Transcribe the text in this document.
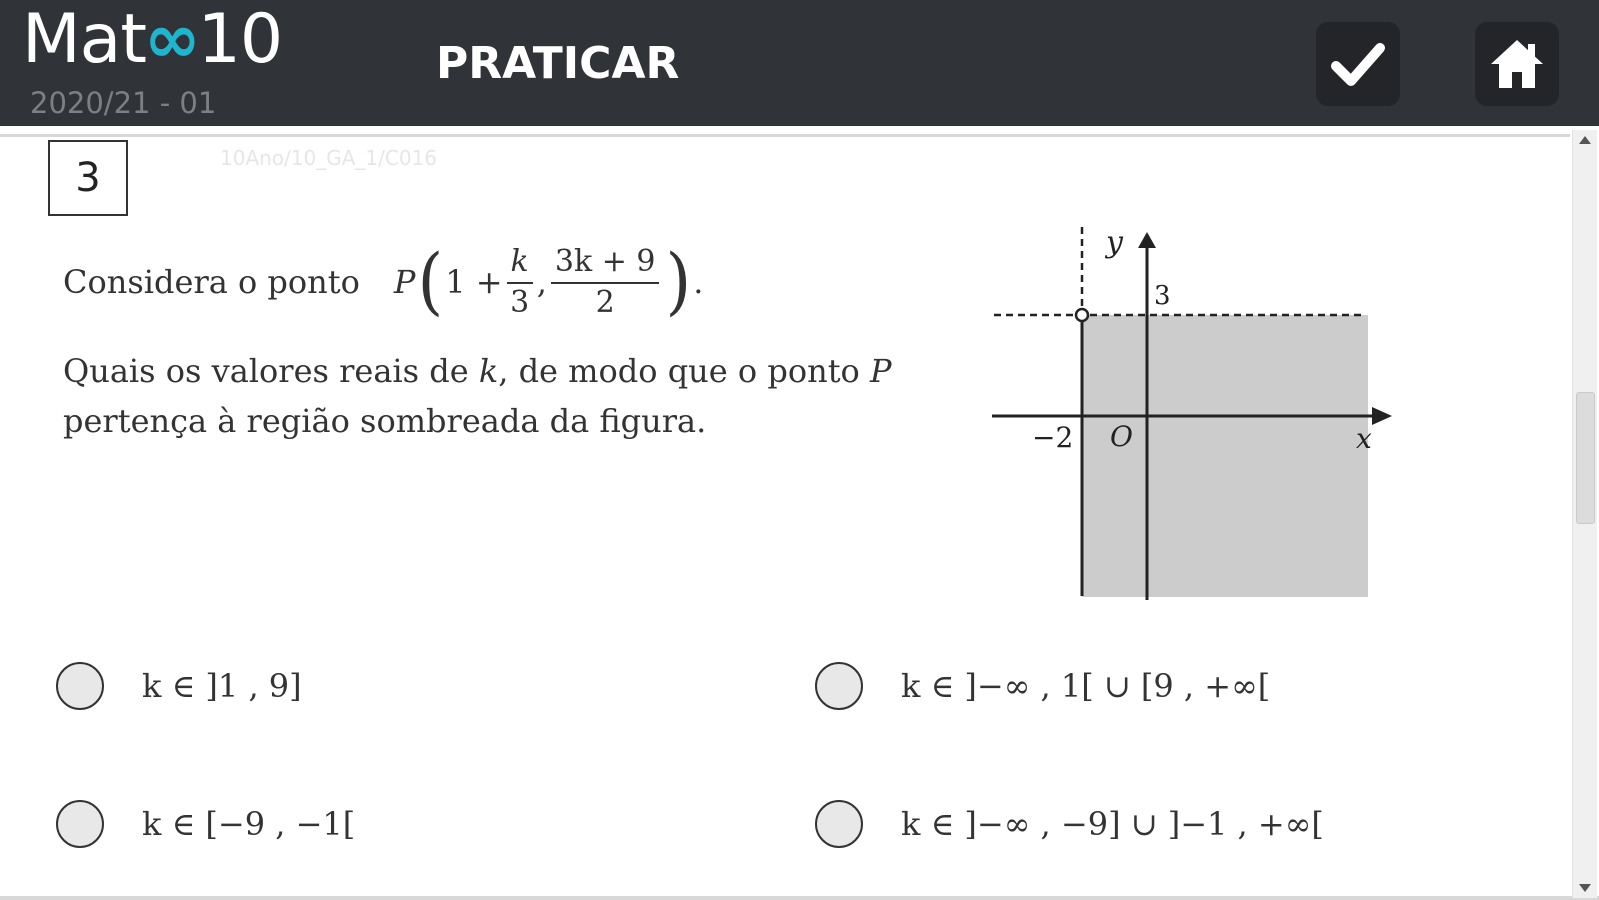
Mat
∞
10
2020/21 - 01
PRATICAR
3	10Ano/10_GA_1/C016
Considera o ponto P ( $1 + \frac{k}{3}$ , $\frac{3k + 9}{2}$ ) .
Quais os valores reais de k, de modo que o ponto P
pertença à região sombreada da figura.
y
3
−2 O	x
k ∈ ]1 , 9]	k ∈ ]−∞ , 1[ ∪ [9 , +∞[
k ∈ [−9 , −1[	k ∈ ]−∞ , −9] ∪ ]−1 , +∞[
